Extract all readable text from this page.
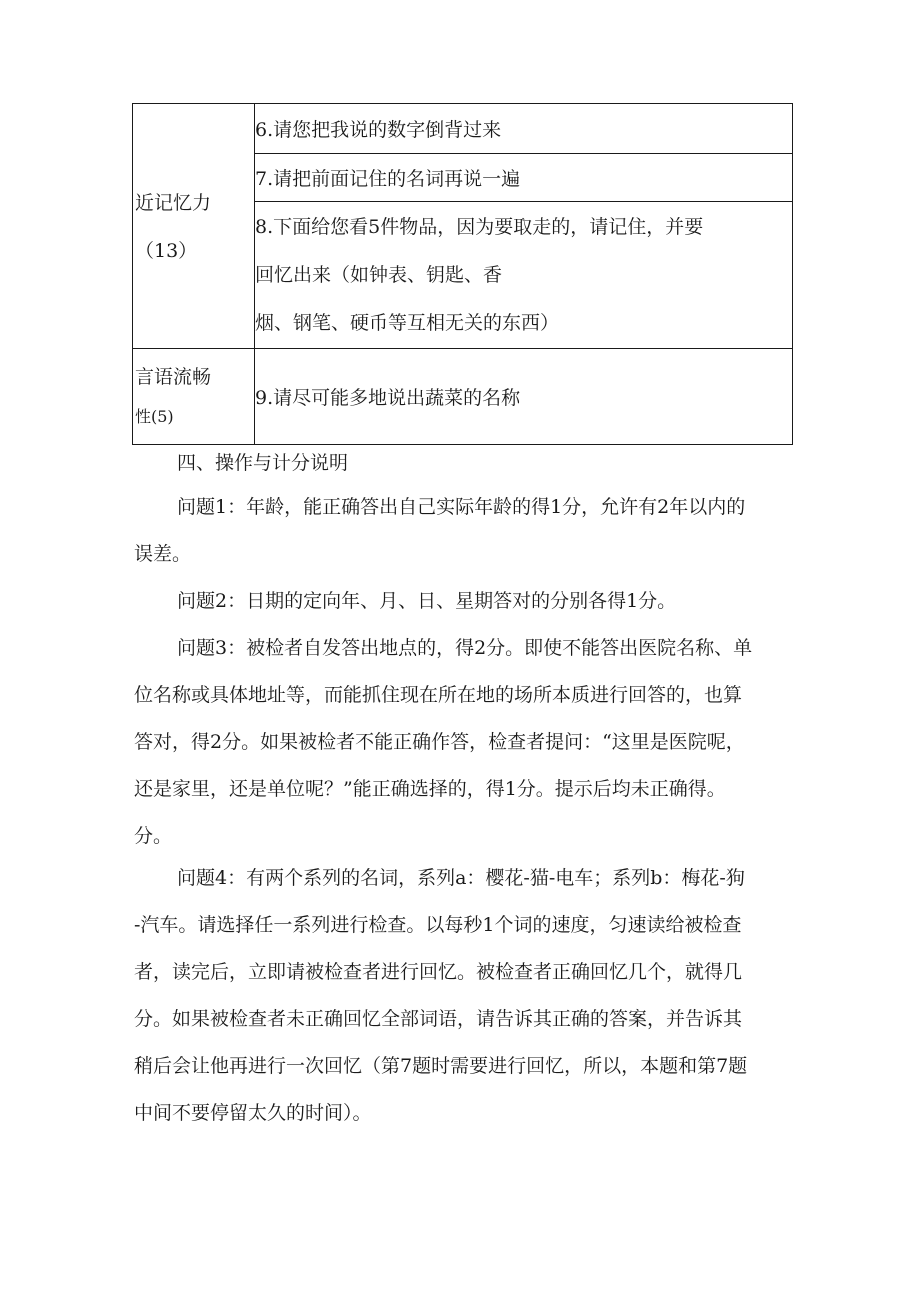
近记忆力
（13）	6.请您把我说的数字倒背过来
	7.请把前面记住的名词再说一遍

	8.下面给您看5件物品，因为要取走的，请记住，并要
回忆出来（如钟表、钥匙、香
烟、钢笔、硬币等互相无关的东西）

言语流畅
性(5)	9.请尽可能多地说出蔬菜的名称
四、操作与计分说明
问题1：年龄，能正确答出自己实际年龄的得1分，允许有2年以内的
误差。
问题2：日期的定向年、月、日、星期答对的分别各得1分。
问题3：被检者自发答出地点的，得2分。即使不能答出医院名称、单
位名称或具体地址等，而能抓住现在所在地的场所本质进行回答的，也算
答对，得2分。如果被检者不能正确作答，检查者提问：“这里是医院呢，
还是家里，还是单位呢？”能正确选择的，得1分。提示后均未正确得。
分。
问题4：有两个系列的名词，系列a：樱花-猫-电车；系列b：梅花-狗
-汽车。请选择任一系列进行检查。以每秒1个词的速度，匀速读给被检查
者，读完后，立即请被检查者进行回忆。被检查者正确回忆几个，就得几
分。如果被检查者未正确回忆全部词语，请告诉其正确的答案，并告诉其
稍后会让他再进行一次回忆（第7题时需要进行回忆，所以，本题和第7题
中间不要停留太久的时间）。
